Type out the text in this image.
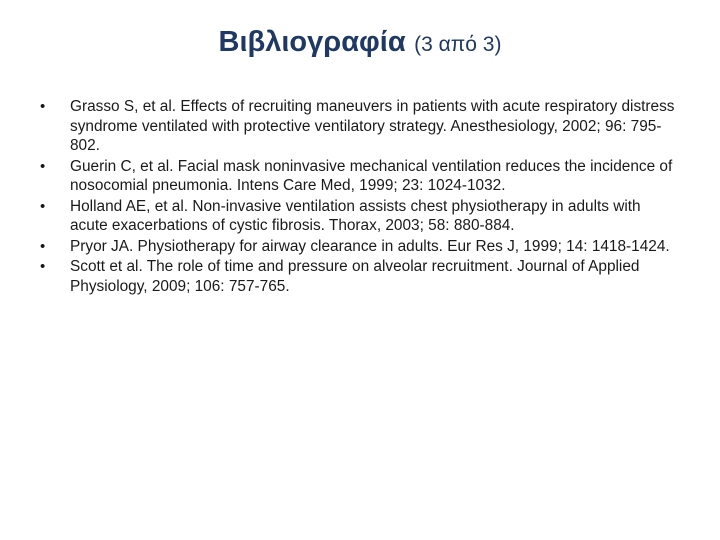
Βιβλιογραφία (3 από 3)
•	Grasso S, et al. Effects of recruiting maneuvers in patients with acute respiratory distress syndrome ventilated with protective ventilatory strategy. Anesthesiology, 2002; 96: 795-802.
•	Guerin C, et al. Facial mask noninvasive mechanical ventilation reduces the incidence of nosocomial pneumonia. Intens Care Med, 1999; 23: 1024-1032.
•	Holland AE, et al. Non-invasive ventilation assists chest physiotherapy in adults with acute exacerbations of cystic fibrosis. Thorax, 2003; 58: 880-884.
•	Pryor JA. Physiotherapy for airway clearance in adults. Eur Res J, 1999; 14: 1418-1424.
•	Scott et al. The role of time and pressure on alveolar recruitment. Journal of Applied Physiology, 2009; 106: 757-765.
